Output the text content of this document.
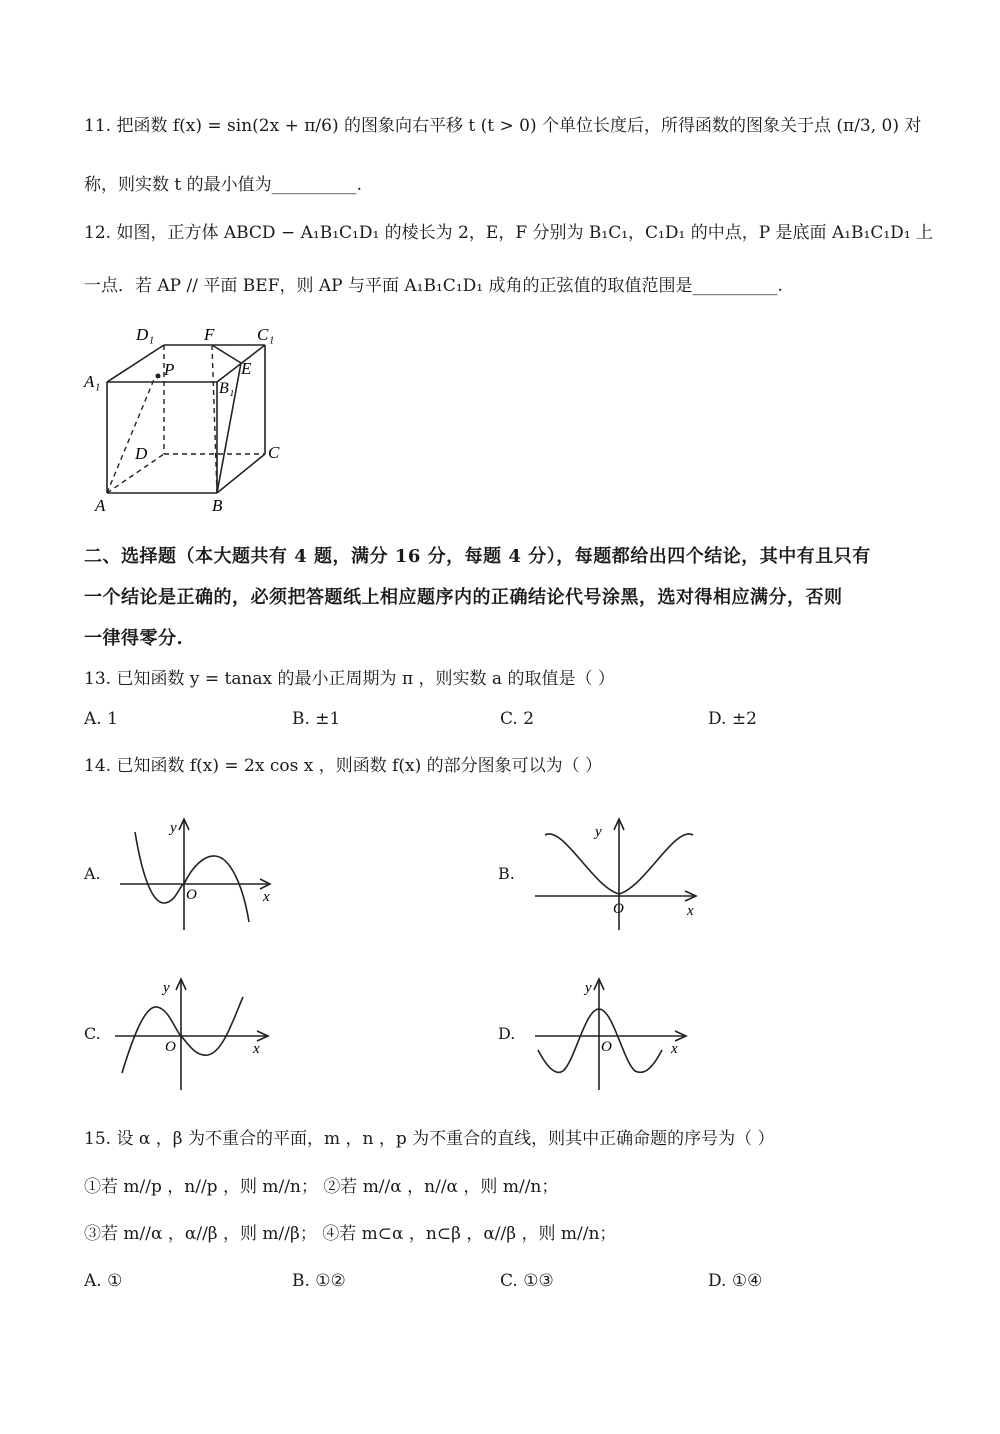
11. 把函数 f(x) = sin(2x + π/6) 的图象向右平移 t (t > 0) 个单位长度后，所得函数的图象关于点 (π/3, 0) 对
称，则实数 t 的最小值为__________.
12. 如图，正方体 ABCD − A₁B₁C₁D₁ 的棱长为 2，E，F 分别为 B₁C₁，C₁D₁ 的中点，P 是底面 A₁B₁C₁D₁ 上
一点．若 AP // 平面 BEF，则 AP 与平面 A₁B₁C₁D₁ 成角的正弦值的取值范围是__________.
D₁	F	C₁
A₁
P
B₁
E
D	C
A	B
二、选择题（本大题共有 4 题，满分 16 分，每题 4 分），每题都给出四个结论，其中有且只有
一个结论是正确的，必须把答题纸上相应题序内的正确结论代号涂黑，选对得相应满分，否则
一律得零分.
13. 已知函数 y = tanax 的最小正周期为 π ，则实数 a 的取值是（ ）
A. 1	B. ±1	C. 2	D. ±2
14. 已知函数 f(x) = 2x cos x ，则函数 f(x) 的部分图象可以为（ ）
A.	B.
C.	D.
y
O	x
y
O	x
y
O	x
y
O	x
15. 设 α ，β 为不重合的平面，m ，n ，p 为不重合的直线，则其中正确命题的序号为（ ）
①若 m//p ，n//p ，则 m//n； ②若 m//α ，n//α ，则 m//n；
③若 m//α ，α//β ，则 m//β； ④若 m⊂α ，n⊂β ，α//β ，则 m//n；
A. ①	B. ①②	C. ①③	D. ①④
